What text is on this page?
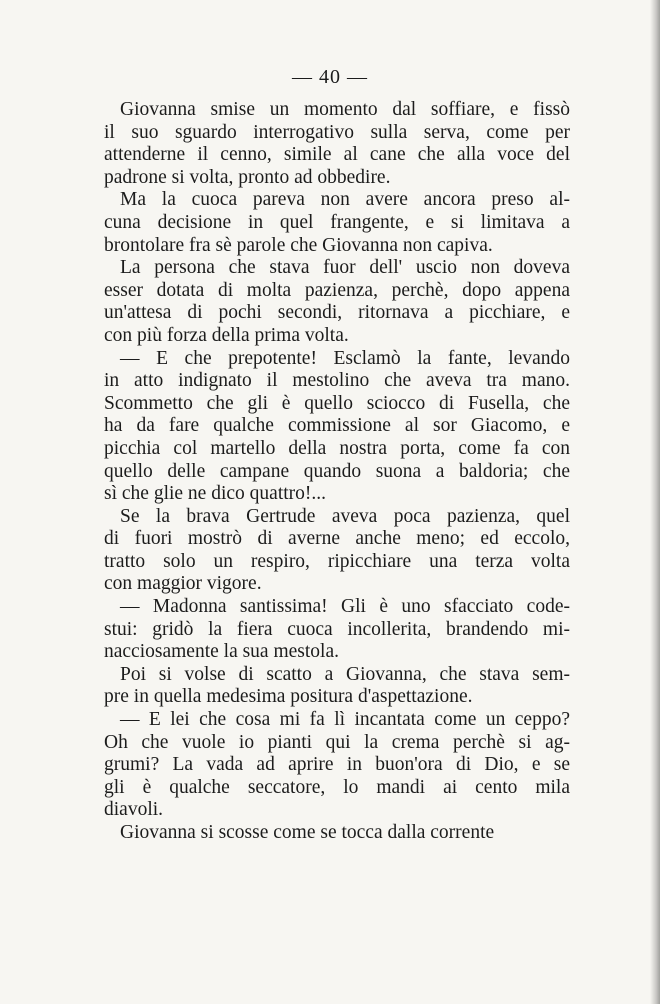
— 40 —
Giovanna smise un momento dal soffiare, e fissò
il suo sguardo interrogativo sulla serva, come per
attenderne il cenno, simile al cane che alla voce del
padrone si volta, pronto ad obbedire.
Ma la cuoca pareva non avere ancora preso al-
cuna decisione in quel frangente, e si limitava a
brontolare fra sè parole che Giovanna non capiva.
La persona che stava fuor dell' uscio non doveva
esser dotata di molta pazienza, perchè, dopo appena
un'attesa di pochi secondi, ritornava a picchiare, e
con più forza della prima volta.
— E che prepotente! Esclamò la fante, levando
in atto indignato il mestolino che aveva tra mano.
Scommetto che gli è quello sciocco di Fusella, che
ha da fare qualche commissione al sor Giacomo, e
picchia col martello della nostra porta, come fa con
quello delle campane quando suona a baldoria; che
sì che glie ne dico quattro!...
Se la brava Gertrude aveva poca pazienza, quel
di fuori mostrò di averne anche meno; ed eccolo,
tratto solo un respiro, ripicchiare una terza volta
con maggior vigore.
— Madonna santissima! Gli è uno sfacciato code-
stui: gridò la fiera cuoca incollerita, brandendo mi-
nacciosamente la sua mestola.
Poi si volse di scatto a Giovanna, che stava sem-
pre in quella medesima positura d'aspettazione.
— E lei che cosa mi fa lì incantata come un ceppo?
Oh che vuole io pianti qui la crema perchè si ag-
grumi? La vada ad aprire in buon'ora di Dio, e se
gli è qualche seccatore, lo mandi ai cento mila
diavoli.
Giovanna si scosse come se tocca dalla corrente
